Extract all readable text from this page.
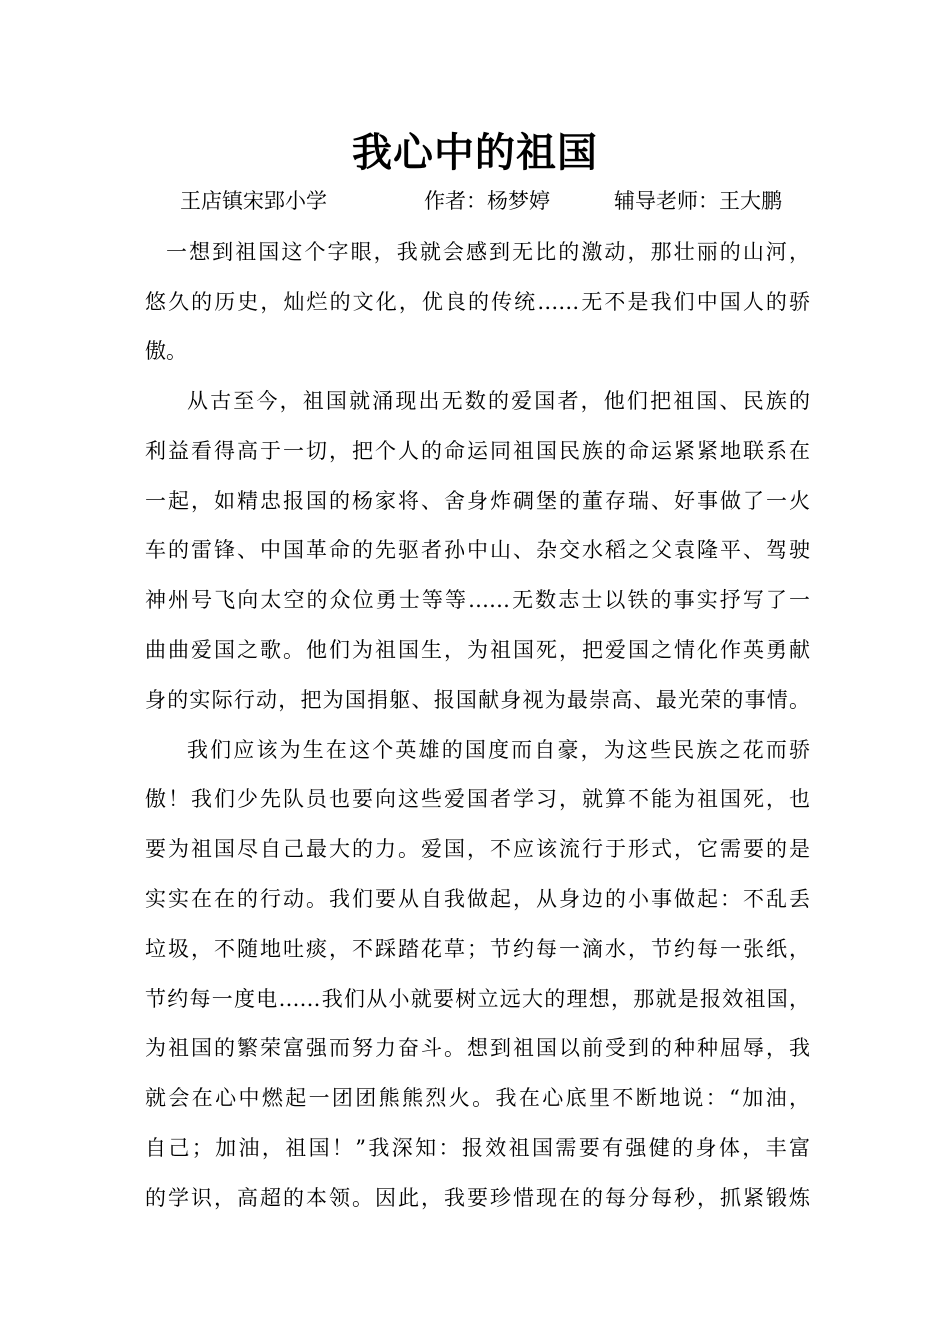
我心中的祖国
王店镇宋郢小学	作者：杨梦婷	辅导老师：王大鹏
一想到祖国这个字眼，我就会感到无比的激动，那壮丽的山河，
悠久的历史，灿烂的文化，优良的传统……无不是我们中国人的骄
傲。
从古至今，祖国就涌现出无数的爱国者，他们把祖国、民族的
利益看得高于一切，把个人的命运同祖国民族的命运紧紧地联系在
一起，如精忠报国的杨家将、舍身炸碉堡的董存瑞、好事做了一火
车的雷锋、中国革命的先驱者孙中山、杂交水稻之父袁隆平、驾驶
神州号飞向太空的众位勇士等等……无数志士以铁的事实抒写了一
曲曲爱国之歌。他们为祖国生，为祖国死，把爱国之情化作英勇献
身的实际行动，把为国捐躯、报国献身视为最崇高、最光荣的事情。
我们应该为生在这个英雄的国度而自豪，为这些民族之花而骄
傲！我们少先队员也要向这些爱国者学习，就算不能为祖国死，也
要为祖国尽自己最大的力。爱国，不应该流行于形式，它需要的是
实实在在的行动。我们要从自我做起，从身边的小事做起：不乱丢
垃圾，不随地吐痰，不踩踏花草；节约每一滴水，节约每一张纸，
节约每一度电……我们从小就要树立远大的理想，那就是报效祖国，
为祖国的繁荣富强而努力奋斗。想到祖国以前受到的种种屈辱，我
就会在心中燃起一团团熊熊烈火。我在心底里不断地说：“加油，
自己；加油，祖国！”我深知：报效祖国需要有强健的身体，丰富
的学识，高超的本领。因此，我要珍惜现在的每分每秒，抓紧锻炼
